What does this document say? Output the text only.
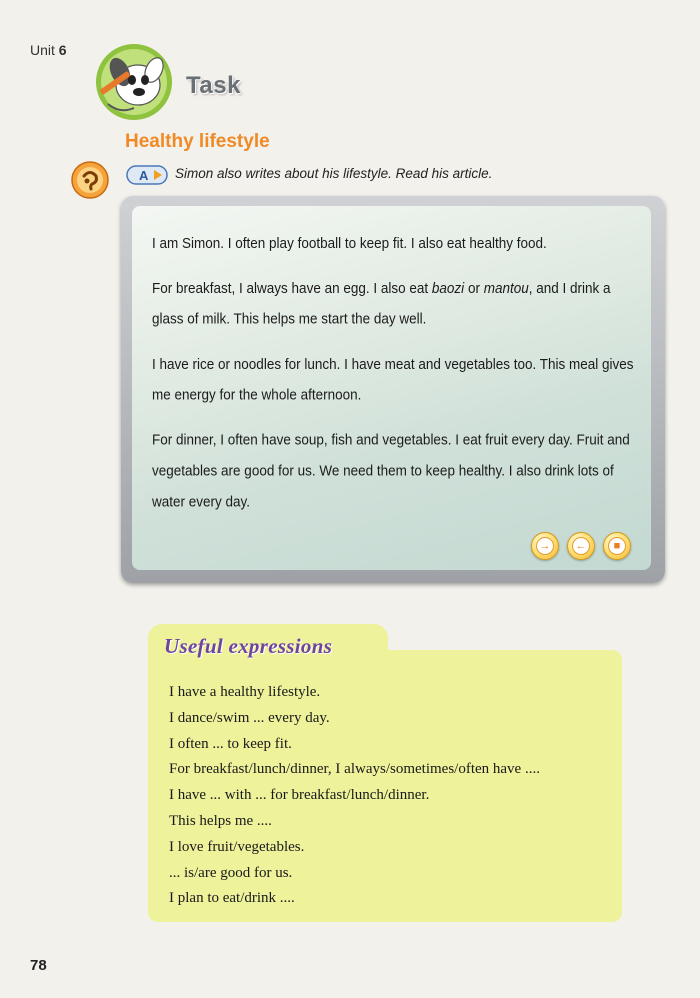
Unit 6
Task
Healthy lifestyle
A Simon also writes about his lifestyle. Read his article.

I am Simon. I often play football to keep fit. I also eat healthy food.

For breakfast, I always have an egg. I also eat baozi or mantou, and I drink a glass of milk. This helps me start the day well.

I have rice or noodles for lunch. I have meat and vegetables too. This meal gives me energy for the whole afternoon.

For dinner, I often have soup, fish and vegetables. I eat fruit every day. Fruit and vegetables are good for us. We need them to keep healthy. I also drink lots of water every day.

→	←	■
Useful expressions
I have a healthy lifestyle.
I dance/swim ... every day.
I often ... to keep fit.
For breakfast/lunch/dinner, I always/sometimes/often have ....
I have ... with ... for breakfast/lunch/dinner.
This helps me ....
I love fruit/vegetables.
... is/are good for us.
I plan to eat/drink ....
78
